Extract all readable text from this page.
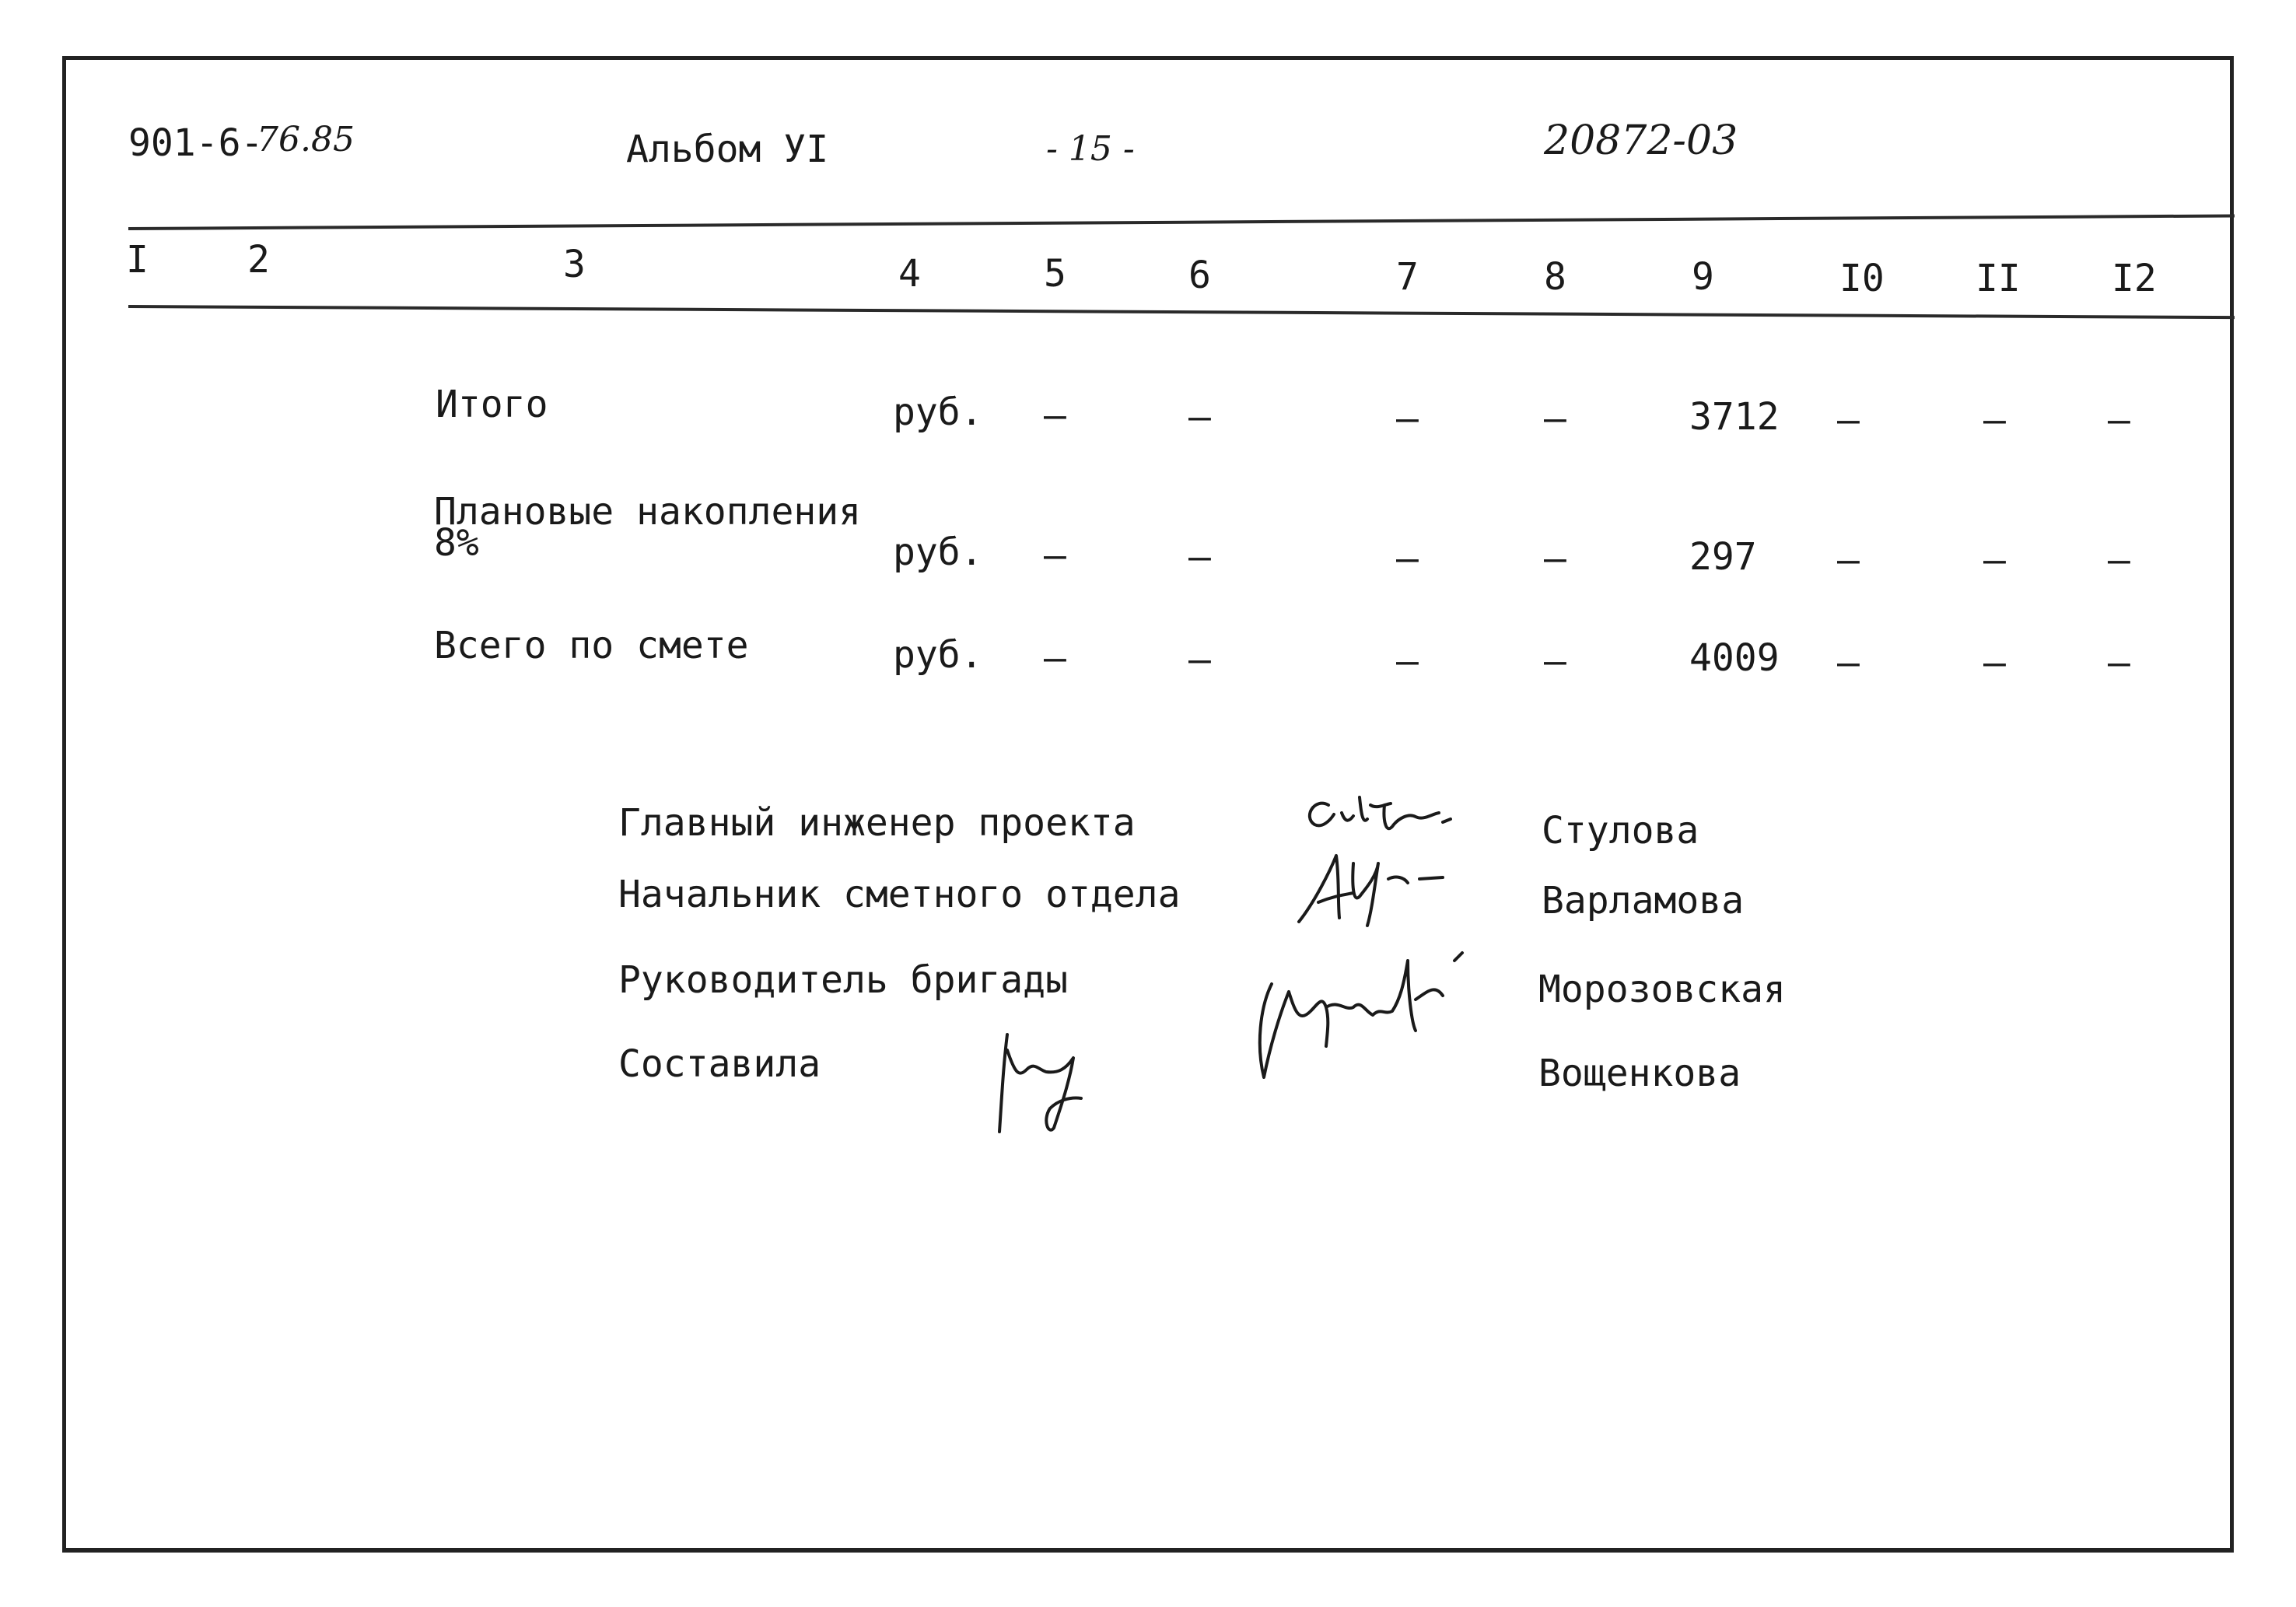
901-6-
76.85	Альбом УI	- 15 -	20872-03
I	2	3	4	5	6	7	8	9	I0 II I2
Итого	руб. –	–	–	–	3712 –	–	–
Плановые накопления
8%	руб. –	–	–	–	297 –	–	–
Всего по смете	руб. –	–	–	–	4009 –	–	–
Главный инженер проекта	Стулова
Начальник сметного отдела	Варламова
Руководитель бригады	Морозовская
Составила	Вощенкова
